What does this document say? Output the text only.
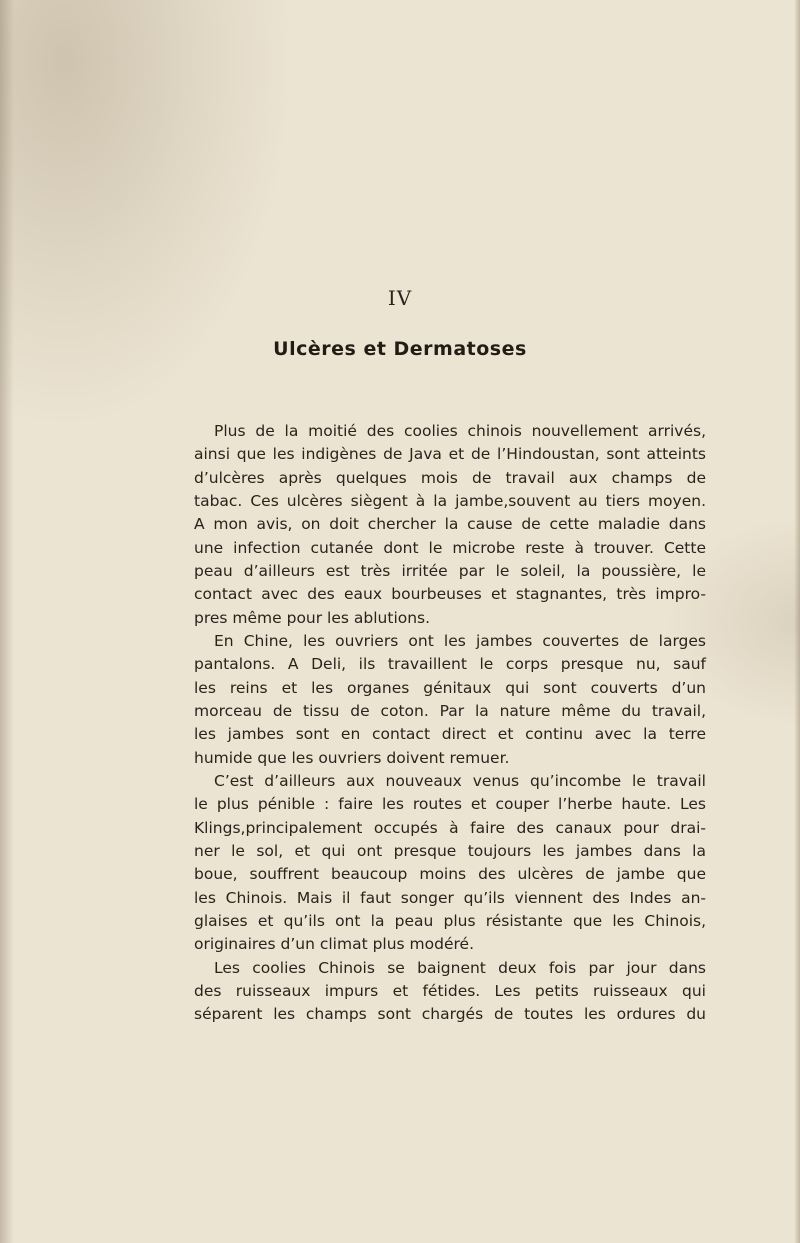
IV
Ulcères et Dermatoses
Plus de la moitié des coolies chinois nouvellement arrivés,
ainsi que les indigènes de Java et de l’Hindoustan, sont atteints
d’ulcères après quelques mois de travail aux champs de
tabac. Ces ulcères siègent à la jambe,souvent au tiers moyen.
A mon avis, on doit chercher la cause de cette maladie dans
une infection cutanée dont le microbe reste à trouver. Cette
peau d’ailleurs est très irritée par le soleil, la poussière, le
contact avec des eaux bourbeuses et stagnantes, très impro-
pres même pour les ablutions.
En Chine, les ouvriers ont les jambes couvertes de larges
pantalons. A Deli, ils travaillent le corps presque nu, sauf
les reins et les organes génitaux qui sont couverts d’un
morceau de tissu de coton. Par la nature même du travail,
les jambes sont en contact direct et continu avec la terre
humide que les ouvriers doivent remuer.
C’est d’ailleurs aux nouveaux venus qu’incombe le travail
le plus pénible : faire les routes et couper l’herbe haute. Les
Klings,principalement occupés à faire des canaux pour drai-
ner le sol, et qui ont presque toujours les jambes dans la
boue, souffrent beaucoup moins des ulcères de jambe que
les Chinois. Mais il faut songer qu’ils viennent des Indes an-
glaises et qu’ils ont la peau plus résistante que les Chinois,
originaires d’un climat plus modéré.
Les coolies Chinois se baignent deux fois par jour dans
des ruisseaux impurs et fétides. Les petits ruisseaux qui
séparent les champs sont chargés de toutes les ordures du
